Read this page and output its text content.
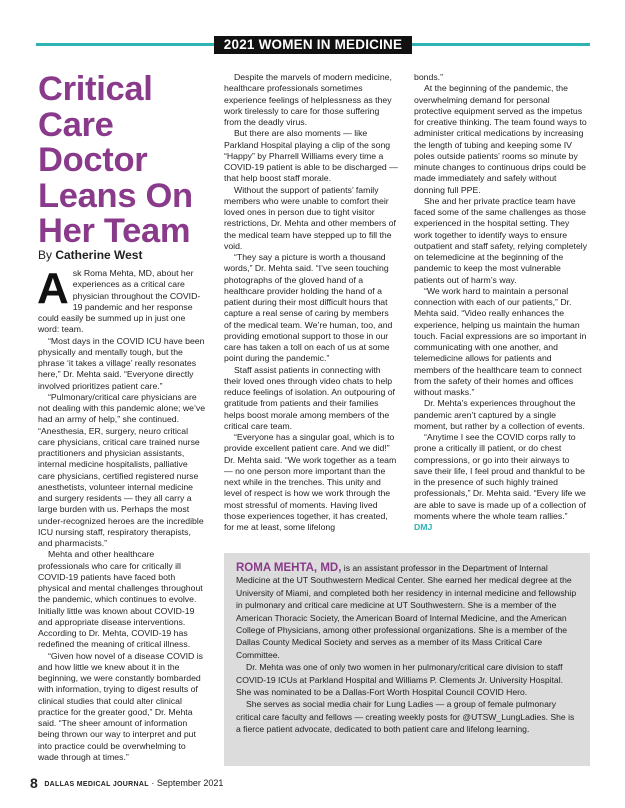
2021 WOMEN IN MEDICINE
Critical Care Doctor Leans On Her Team
By Catherine West

Ask Roma Mehta, MD, about her experiences as a critical care physician throughout the COVID-19 pandemic and her response could easily be summed up in just one word: team.

“Most days in the COVID ICU have been physically and mentally tough, but the phrase ‘it takes a village’ really resonates here,” Dr. Mehta said. “Everyone directly involved prioritizes patient care.”

“Pulmonary/critical care physicians are not dealing with this pandemic alone; we’ve had an army of help,” she continued. “Anesthesia, ER, surgery, neuro critical care physicians, critical care trained nurse practitioners and physician assistants, internal medicine hospitalists, palliative care physicians, certified registered nurse anesthetists, volunteer internal medicine and surgery residents — they all carry a large burden with us. Perhaps the most under-recognized heroes are the incredible ICU nursing staff, respiratory therapists, and pharmacists.”

Mehta and other healthcare professionals who care for critically ill COVID-19 patients have faced both physical and mental challenges throughout the pandemic, which continues to evolve. Initially little was known about COVID-19 and appropriate disease interventions. According to Dr. Mehta, COVID-19 has redefined the meaning of critical illness.

“Given how novel of a disease COVID is and how little we knew about it in the beginning, we were constantly bombarded with information, trying to digest results of clinical studies that could alter clinical practice for the greater good,” Dr. Mehta said. “The sheer amount of information being thrown our way to interpret and put into practice could be overwhelming to wade through at times.”

Despite the marvels of modern medicine, healthcare professionals sometimes experience feelings of helplessness as they work tirelessly to care for those suffering from the deadly virus.

But there are also moments — like Parkland Hospital playing a clip of the song “Happy” by Pharrell Williams every time a COVID-19 patient is able to be discharged — that help boost staff morale.

Without the support of patients’ family members who were unable to comfort their loved ones in person due to tight visitor restrictions, Dr. Mehta and other members of the medical team have stepped up to fill the void.

“They say a picture is worth a thousand words,” Dr. Mehta said. “I’ve seen touching photographs of the gloved hand of a healthcare provider holding the hand of a patient during their most difficult hours that capture a real sense of caring by members of the medical team. We’re human, too, and providing emotional support to those in our care has taken a toll on each of us at some point during the pandemic.”

Staff assist patients in connecting with their loved ones through video chats to help reduce feelings of isolation. An outpouring of gratitude from patients and their families helps boost morale among members of the critical care team.

“Everyone has a singular goal, which is to provide excellent patient care. And we did!” Dr. Mehta said. “We work together as a team — no one person more important than the next while in the trenches. This unity and level of respect is how we work through the most stressful of moments. Having lived those experiences together, it has created, for me at least, some lifelong

bonds.”

At the beginning of the pandemic, the overwhelming demand for personal protective equipment served as the impetus for creative thinking. The team found ways to administer critical medications by increasing the length of tubing and keeping some IV poles outside patients’ rooms so minute by minute changes to continuous drips could be made immediately and safely without donning full PPE.

She and her private practice team have faced some of the same challenges as those experienced in the hospital setting. They work together to identify ways to ensure outpatient and staff safety, relying completely on telemedicine at the beginning of the pandemic to keep the most vulnerable patients out of harm’s way.

“We work hard to maintain a personal connection with each of our patients,” Dr. Mehta said. “Video really enhances the experience, helping us maintain the human touch. Facial expressions are so important in communicating with one another, and telemedicine allows for patients and members of the healthcare team to connect from the safety of their homes and offices without masks.”

Dr. Mehta’s experiences throughout the pandemic aren’t captured by a single moment, but rather by a collection of events.

“Anytime I see the COVID corps rally to prone a critically ill patient, or do chest compressions, or go into their airways to save their life, I feel proud and thankful to be in the presence of such highly trained professionals,” Dr. Mehta said. “Every life we are able to save is made up of a collection of moments where the whole team rallies.” DMJ

ROMA MEHTA, MD, is an assistant professor in the Department of Internal Medicine at the UT Southwestern Medical Center. She earned her medical degree at the University of Miami, and completed both her residency in internal medicine and fellowship in pulmonary and critical care medicine at UT Southwestern. She is a member of the American Thoracic Society, the American Board of Internal Medicine, and the American College of Physicians, among other professional organizations. She is a member of the Dallas County Medical Society and serves as a member of its Mass Critical Care Committee.

Dr. Mehta was one of only two women in her pulmonary/critical care division to staff COVID-19 ICUs at Parkland Hospital and Williams P. Clements Jr. University Hospital. She was nominated to be a Dallas-Fort Worth Hospital Council COVID Hero.

She serves as social media chair for Lung Ladies — a group of female pulmonary critical care faculty and fellows — creating weekly posts for @UTSW_LungLadies. She is a fierce patient advocate, dedicated to both patient care and lifelong learning.

8 DALLAS MEDICAL JOURNAL · September 2021
